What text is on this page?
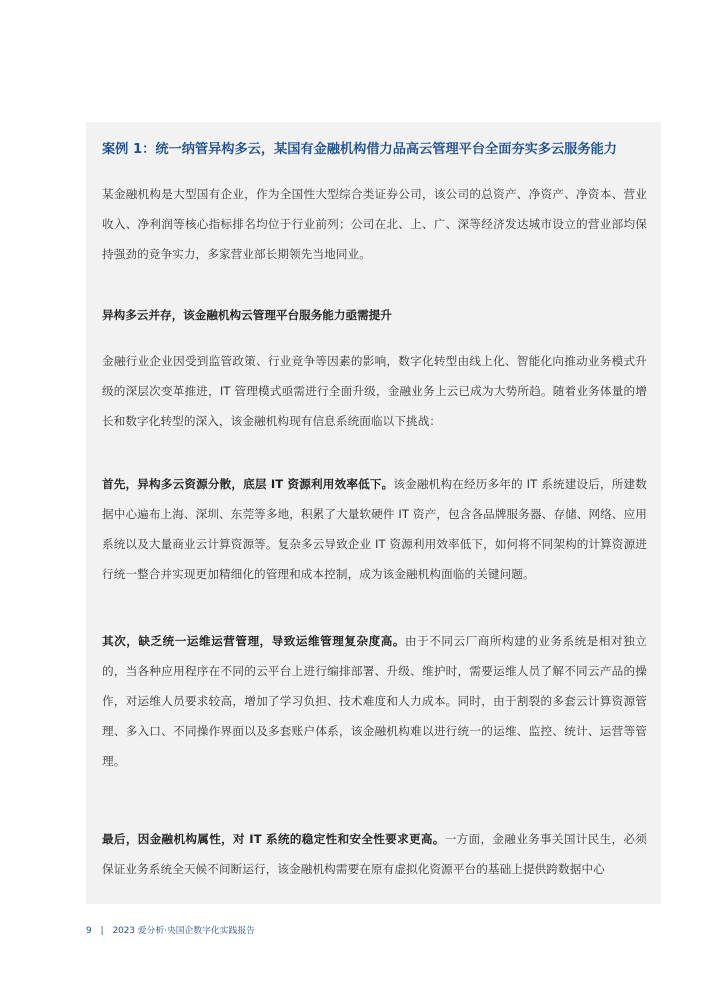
案例 1：统一纳管异构多云，某国有金融机构借力品高云管理平台全面夯实多云服务能力

某金融机构是大型国有企业，作为全国性大型综合类证券公司，该公司的总资产、净资产、净资本、营业收入、净利润等核心指标排名均位于行业前列；公司在北、上、广、深等经济发达城市设立的营业部均保持强劲的竞争实力，多家营业部长期领先当地同业。

异构多云并存，该金融机构云管理平台服务能力亟需提升

金融行业企业因受到监管政策、行业竞争等因素的影响，数字化转型由线上化、智能化向推动业务模式升级的深层次变革推进，IT 管理模式亟需进行全面升级，金融业务上云已成为大势所趋。随着业务体量的增长和数字化转型的深入，该金融机构现有信息系统面临以下挑战：

首先，异构多云资源分散，底层 IT 资源利用效率低下。该金融机构在经历多年的 IT 系统建设后，所建数据中心遍布上海、深圳、东莞等多地，积累了大量软硬件 IT 资产，包含各品牌服务器、存储、网络、应用系统以及大量商业云计算资源等。复杂多云导致企业 IT 资源利用效率低下，如何将不同架构的计算资源进行统一整合并实现更加精细化的管理和成本控制，成为该金融机构面临的关键问题。

其次，缺乏统一运维运营管理，导致运维管理复杂度高。由于不同云厂商所构建的业务系统是相对独立的，当各种应用程序在不同的云平台上进行编排部署、升级、维护时，需要运维人员了解不同云产品的操作，对运维人员要求较高，增加了学习负担、技术难度和人力成本。同时，由于割裂的多套云计算资源管理、多入口、不同操作界面以及多套账户体系，该金融机构难以进行统一的运维、监控、统计、运营等管理。

最后，因金融机构属性，对 IT 系统的稳定性和安全性要求更高。一方面，金融业务事关国计民生，必须保证业务系统全天候不间断运行，该金融机构需要在原有虚拟化资源平台的基础上提供跨数据中心

9 | 2023 爱分析·央国企数字化实践报告
